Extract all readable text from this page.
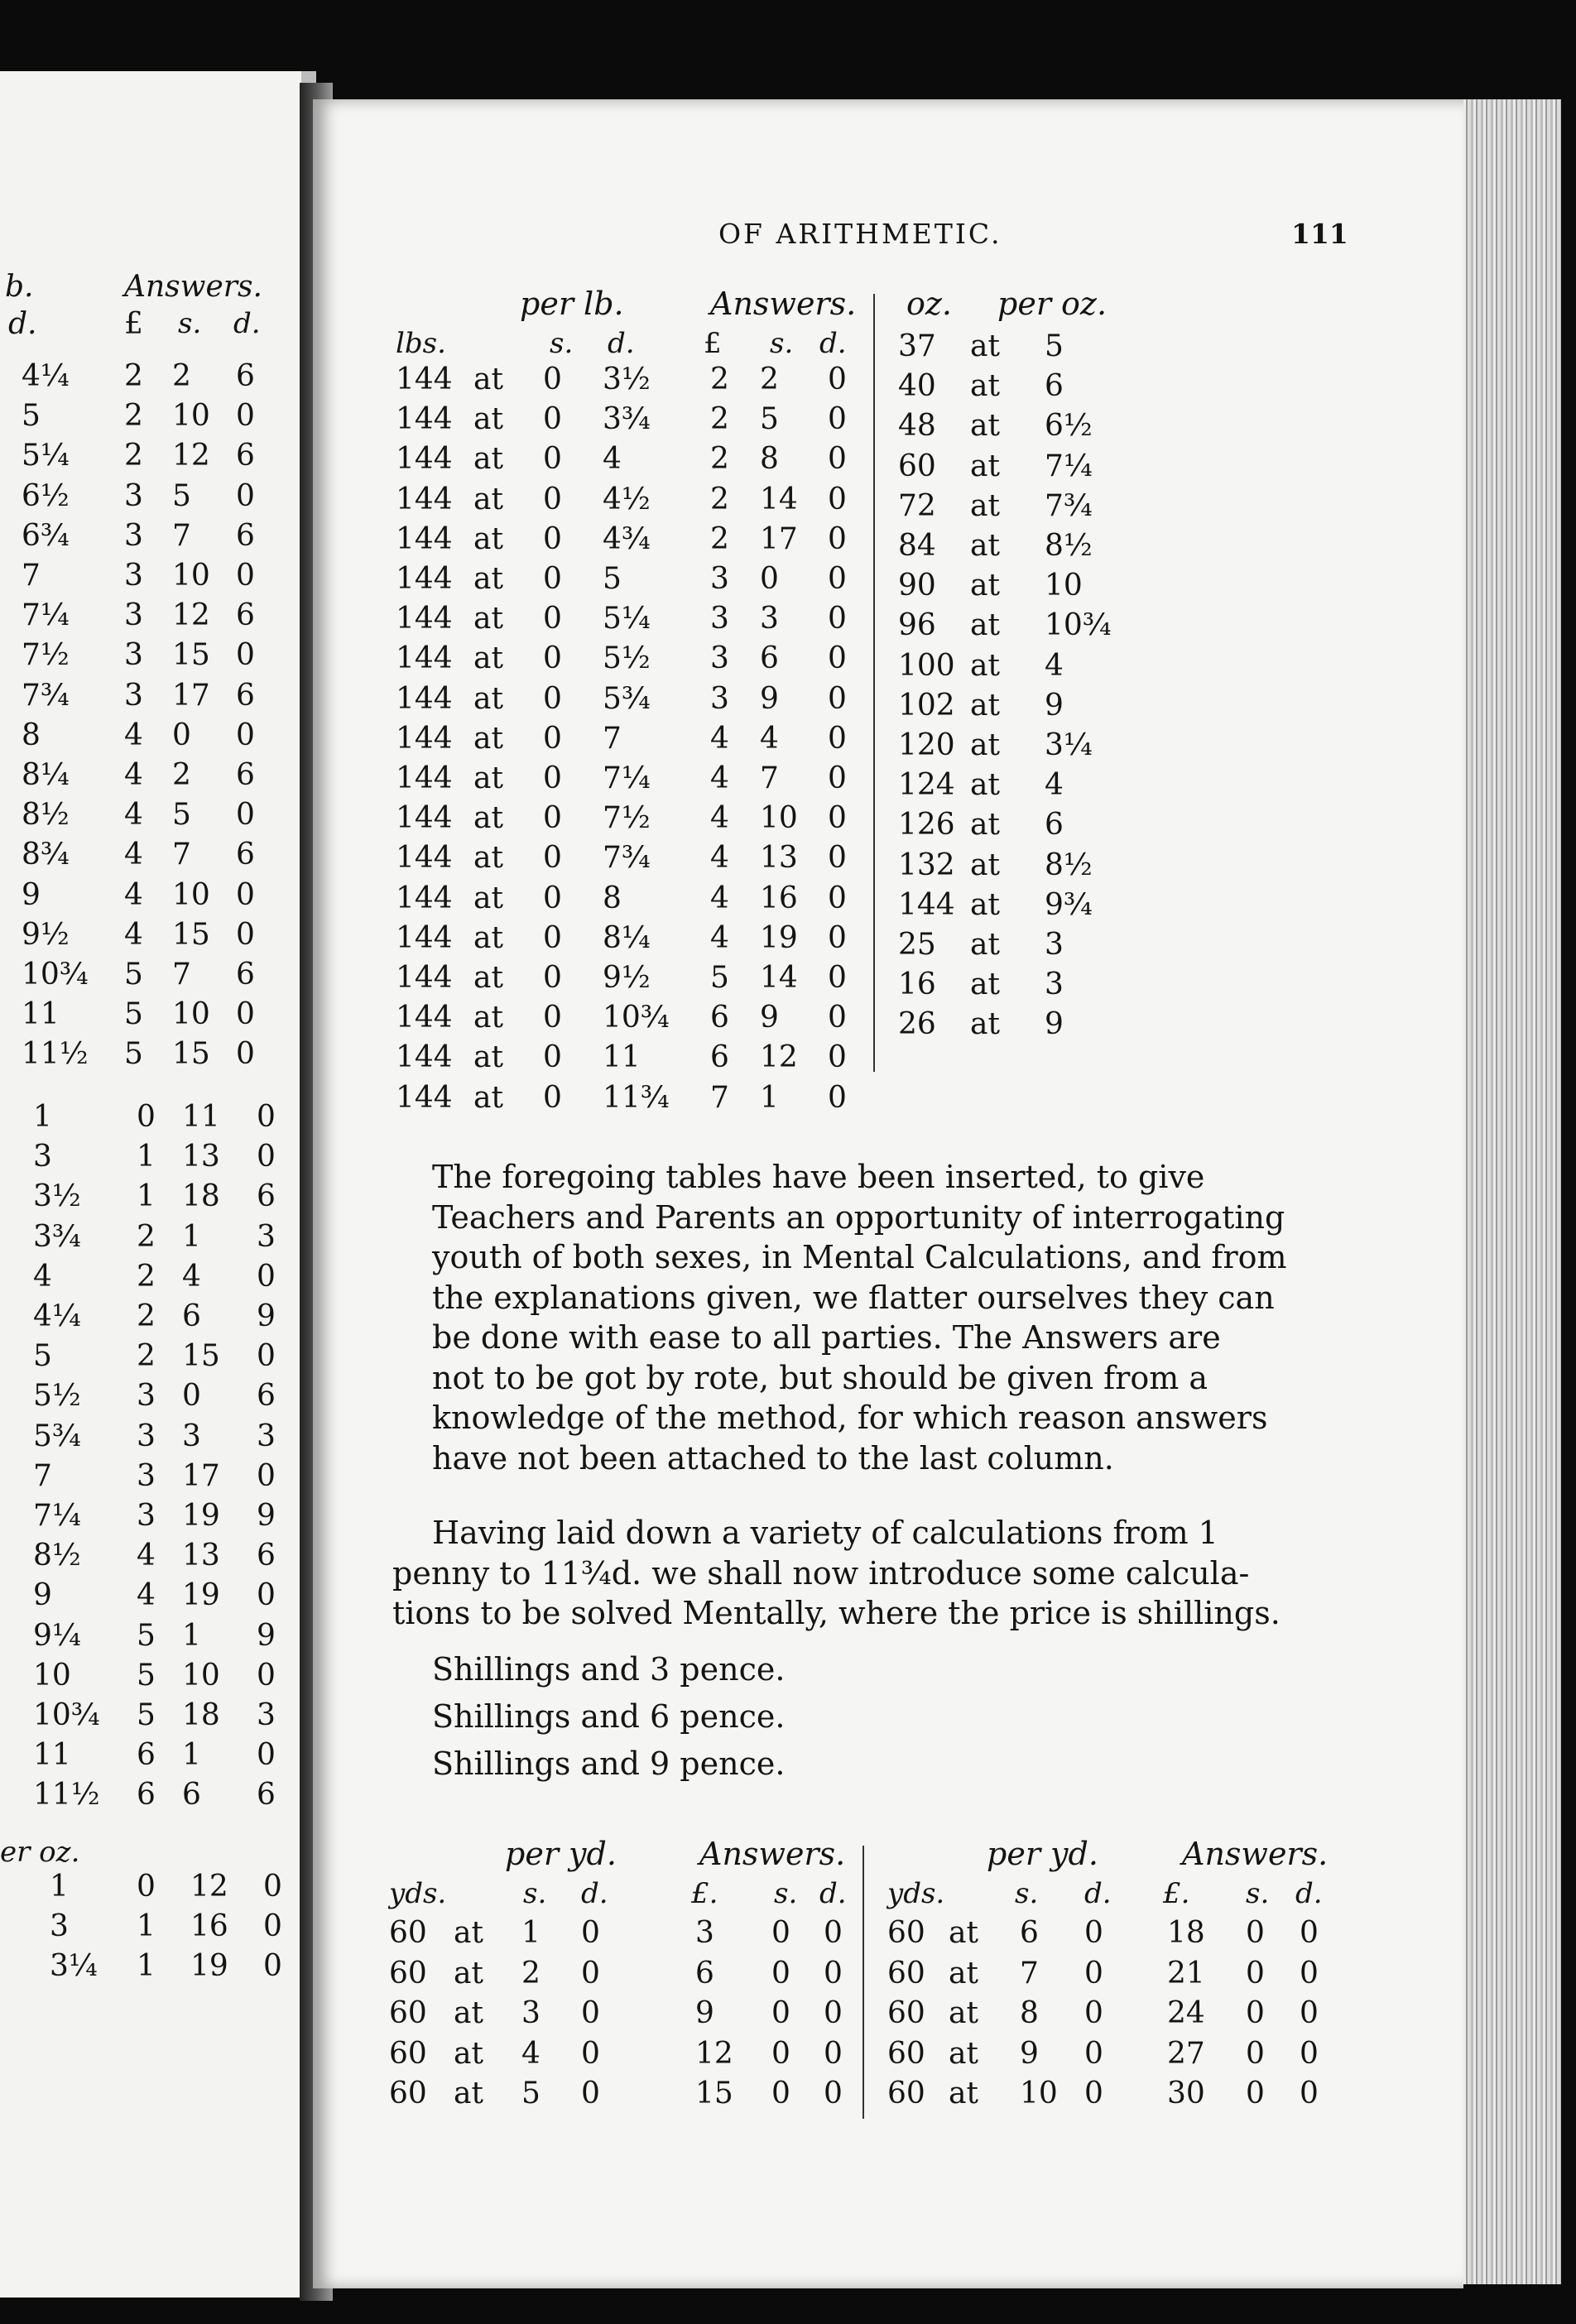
b.	Answers.
d.	£ s. d.
4¼ 2 2 6
5	2 10 0
5¼ 2 12 6
6½ 3 5 0
6¾ 3 7 6
7	3 10 0
7¼ 3 12 6
7½ 3 15 0
7¾ 3 17 6
8	4 0 0
8¼ 4 2 6
8½ 4 5 0
8¾ 4 7 6
9	4 10 0
9½ 4 15 0
10¾ 5 7 6
11 5 10 0
11½ 5 15 0
1	0 11 0
3	1 13 0
3½ 1 18 6
3¾ 2 1 3
4	2 4 0
4¼ 2 6 9
5	2 15 0
5½ 3 0 6
5¾ 3 3 3
7	3 17 0
7¼ 3 19 9
8½ 4 13 6
9	4 19 0
9¼ 5 1 9
10 5 10 0
10¾ 5 18 3
11 6 1 0
11½ 6 6 6
er oz.
1 0 12 0
3 1 16 0
3¼ 1 19 0
OF ARITHMETIC.	111
per lb.	Answers.
lbs.	s. d. £ s. d.
144 at 0 3½ 2 2 0
144 at 0 3¾ 2 5 0
144 at 0 4	2 8 0
144 at 0 4½ 2 14 0
144 at 0 4¾ 2 17 0
144 at 0 5	3 0 0
144 at 0 5¼ 3 3 0
144 at 0 5½ 3 6 0
144 at 0 5¾ 3 9 0
144 at 0 7	4 4 0
144 at 0 7¼ 4 7 0
144 at 0 7½ 4 10 0
144 at 0 7¾ 4 13 0
144 at 0 8	4 16 0
144 at 0 8¼ 4 19 0
144 at 0 9½ 5 14 0
144 at 0 10¾ 6 9 0
144 at 0 11 6 12 0
144 at 0 11¾ 7 1 0
oz. per oz.
37 at 5
40 at 6
48 at 6½
60 at 7¼
72 at 7¾
84 at 8½
90 at 10
96 at 10¾
100 at 4
102 at 9
120 at 3¼
124 at 4
126 at 6
132 at 8½
144 at 9¾
25 at 3
16 at 3
26 at 9
The foregoing tables have been inserted, to give
Teachers and Parents an opportunity of interrogating
youth of both sexes, in Mental Calculations, and from
the explanations given, we flatter ourselves they can
be done with ease to all parties. The Answers are
not to be got by rote, but should be given from a
knowledge of the method, for which reason answers
have not been attached to the last column.
Having laid down a variety of calculations from 1
penny to 11¾d. we shall now introduce some calcula-
tions to be solved Mentally, where the price is shillings.
Shillings and 3 pence.
Shillings and 6 pence.
Shillings and 9 pence.
per yd.	Answers.
yds.	s. d.	£. s. d.
60 at 1 0	3 0 0
60 at 2 0	6 0 0
60 at 3 0	9 0 0
60 at 4 0	12 0 0
60 at 5 0	15 0 0
per yd.	Answers.
yds. s. d. £. s. d.
60 at 6 0 18 0 0
60 at 7 0 21 0 0
60 at 8 0 24 0 0
60 at 9 0 27 0 0
60 at 10 0 30 0 0
